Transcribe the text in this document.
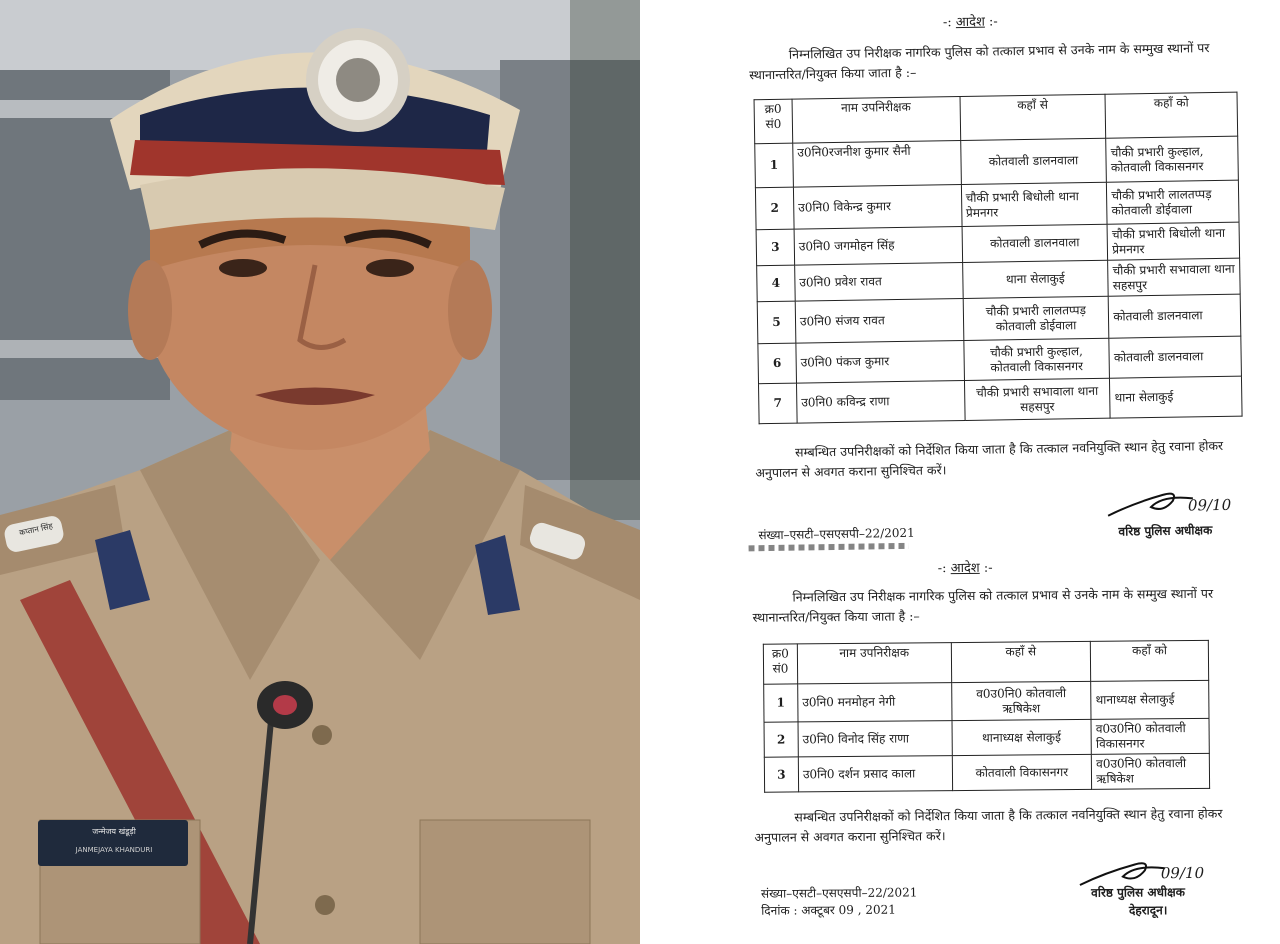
कप्तान सिंह
जन्मेजय खंडूड़ी
JANMEJAYA KHANDURI
-: आदेश :-
निम्नलिखित उप निरीक्षक नागरिक पुलिस को तत्काल प्रभाव से उनके नाम के सम्मुख स्थानों पर स्थानान्तरित/नियुक्त किया जाता है :–
क्र0 सं0	नाम उपनिरीक्षक	कहाँ से	कहाँ को
1	उ0नि0रजनीश कुमार सैनी	कोतवाली डालनवाला	चौकी प्रभारी कुल्हाल, कोतवाली विकासनगर
2	उ0नि0 विकेन्द्र कुमार	चौकी प्रभारी बिधोली थाना प्रेमनगर	चौकी प्रभारी लालतप्पड़ कोतवाली डोईवाला
3	उ0नि0 जगमोहन सिंह	कोतवाली डालनवाला	चौकी प्रभारी बिधोली थाना प्रेमनगर
4	उ0नि0 प्रवेश रावत	थाना सेलाकुई	चौकी प्रभारी सभावाला थाना सहसपुर
5	उ0नि0 संजय रावत	चौकी प्रभारी लालतप्पड़ कोतवाली डोईवाला	कोतवाली डालनवाला
6	उ0नि0 पंकज कुमार	चौकी प्रभारी कुल्हाल, कोतवाली विकासनगर	कोतवाली डालनवाला
7	उ0नि0 कविन्द्र राणा	चौकी प्रभारी सभावाला थाना सहसपुर	थाना सेलाकुई
सम्बन्धित उपनिरीक्षकों को निर्देशित किया जाता है कि तत्काल नवनियुक्ति स्थान हेतु रवाना होकर अनुपालन से अवगत कराना सुनिश्चित करें।
09/10
संख्या–एसटी–एसएसपी–22/2021	वरिष्ठ पुलिस अधीक्षक
-: आदेश :-
निम्नलिखित उप निरीक्षक नागरिक पुलिस को तत्काल प्रभाव से उनके नाम के सम्मुख स्थानों पर स्थानान्तरित/नियुक्त किया जाता है :–
क्र0 सं0	नाम उपनिरीक्षक	कहाँ से	कहाँ को
1	उ0नि0 मनमोहन नेगी	व0उ0नि0 कोतवाली ऋषिकेश	थानाध्यक्ष सेलाकुई
2	उ0नि0 विनोद सिंह राणा	थानाध्यक्ष सेलाकुई	व0उ0नि0 कोतवाली विकासनगर
3	उ0नि0 दर्शन प्रसाद काला	कोतवाली विकासनगर	व0उ0नि0 कोतवाली ऋषिकेश
सम्बन्धित उपनिरीक्षकों को निर्देशित किया जाता है कि तत्काल नवनियुक्ति स्थान हेतु रवाना होकर अनुपालन से अवगत कराना सुनिश्चित करें।
09/10
संख्या–एसटी–एसएसपी–22/2021
दिनांक : अक्टूबर 09 , 2021
वरिष्ठ पुलिस अधीक्षक
देहरादून।
